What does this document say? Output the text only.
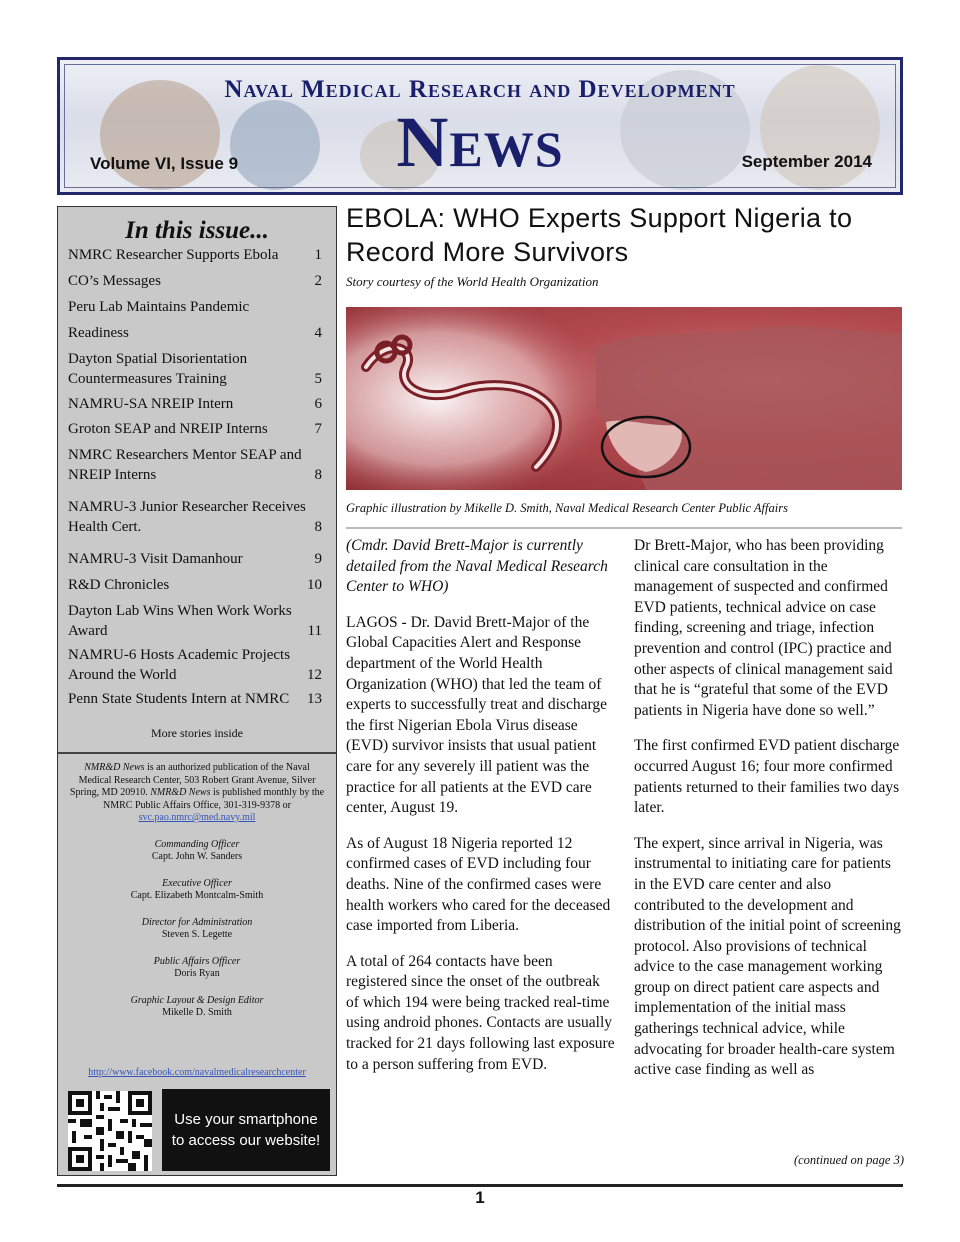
Naval Medical Research and Development
News
Volume VI, Issue 9	September 2014
In this issue...
NMRC Researcher Supports Ebola	1
CO’s Messages	2
Peru Lab Maintains Pandemic
Readiness	4
Dayton Spatial Disorientation Countermeasures Training	5
NAMRU-SA NREIP Intern	6
Groton SEAP and NREIP Interns	7
NMRC Researchers Mentor SEAP and NREIP Interns	8
NAMRU-3 Junior Researcher Receives Health Cert.	8
NAMRU-3 Visit Damanhour	9
R&D Chronicles	10
Dayton Lab Wins When Work Works Award	11
NAMRU-6 Hosts Academic Projects Around the World	12
Penn State Students Intern at NMRC	13
More stories inside
NMR&D News is an authorized publication of the Naval Medical Research Center, 503 Robert Grant Avenue, Silver Spring, MD 20910. NMR&D News is published monthly by the NMRC Public Affairs Office, 301-319-9378 or
svc.pao.nmrc@med.navy.mil
Commanding Officer
Capt. John W. Sanders
Executive Officer
Capt. Elizabeth Montcalm-Smith
Director for Administration
Steven S. Legette
Public Affairs Officer
Doris Ryan
Graphic Layout & Design Editor
Mikelle D. Smith
http://www.facebook.com/navalmedicalresearchcenter
Use your smartphone to access our website!
EBOLA: WHO Experts Support Nigeria to Record More Survivors
Story courtesy of the World Health Organization
Graphic illustration by Mikelle D. Smith, Naval Medical Research Center Public Affairs

(Cmdr. David Brett-Major is currently detailed from the Naval Medical Research Center to WHO)

LAGOS - Dr. David Brett-Major of the Global Capacities Alert and Response department of the World Health Organization (WHO) that led the team of experts to successfully treat and discharge the first Nigerian Ebola Virus disease (EVD) survivor insists that usual patient care for any severely ill patient was the practice for all patients at the EVD care center, August 19.

As of August 18 Nigeria reported 12 confirmed cases of EVD including four deaths. Nine of the confirmed cases were health workers who cared for the deceased case imported from Liberia.

A total of 264 contacts have been registered since the onset of the outbreak of which 194 were being tracked real-time using android phones. Contacts are usually tracked for 21 days following last exposure to a person suffering from EVD.

Dr Brett-Major, who has been providing clinical care consultation in the management of suspected and confirmed EVD patients, technical advice on case finding, screening and triage, infection prevention and control (IPC) practice and other aspects of clinical management said that he is “grateful that some of the EVD patients in Nigeria have done so well.”

The first confirmed EVD patient discharge occurred August 16; four more confirmed patients returned to their families two days later.

The expert, since arrival in Nigeria, was instrumental to initiating care for patients in the EVD care center and also contributed to the development and distribution of the initial point of screening protocol. Also provisions of technical advice to the case management working group on direct patient care aspects and implementation of the initial mass gatherings technical advice, while advocating for broader health-care system active case finding as well as

(continued on page 3)
1
